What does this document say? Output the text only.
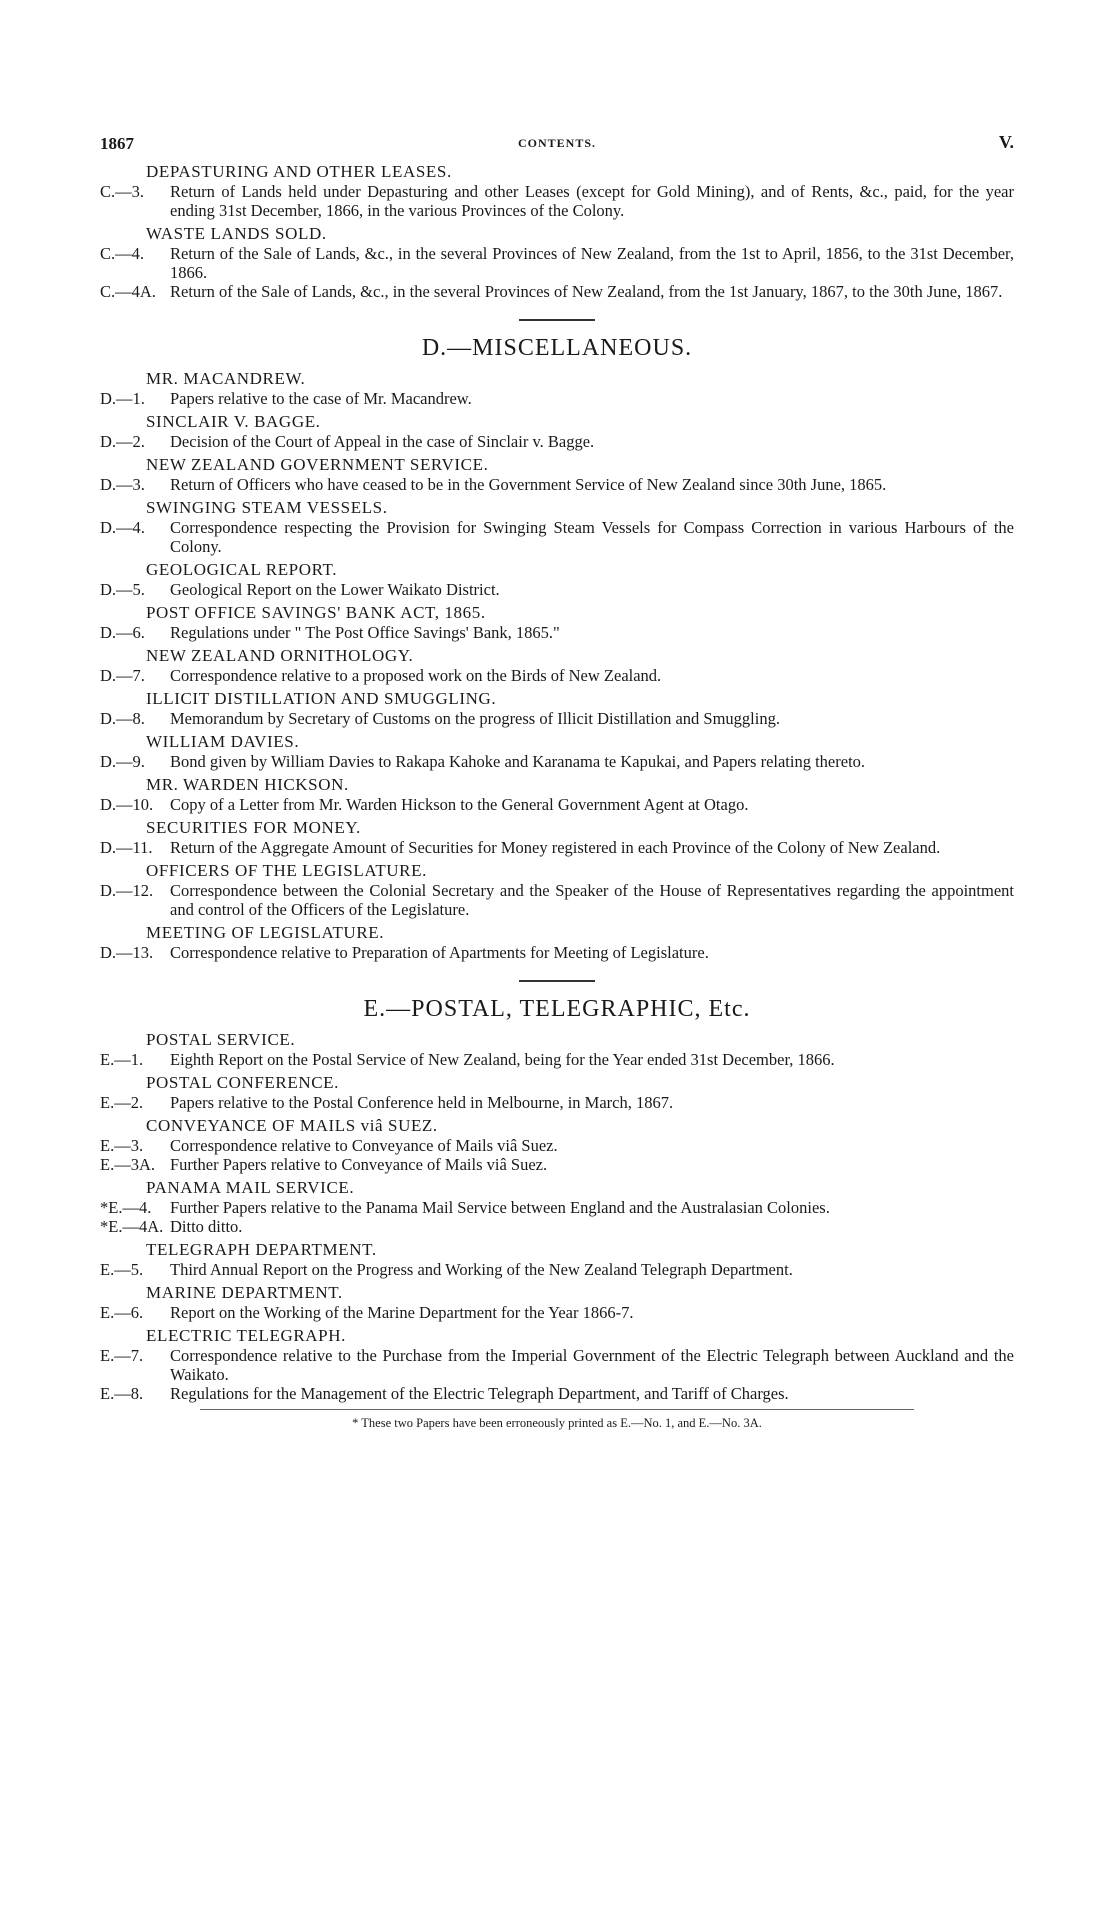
1867	CONTENTS.	V.
DEPASTURING AND OTHER LEASES.
C.—3. Return of Lands held under Depasturing and other Leases (except for Gold Mining), and of Rents, &c., paid, for the year ending 31st December, 1866, in the various Provinces of the Colony.
WASTE LANDS SOLD.
C.—4. Return of the Sale of Lands, &c., in the several Provinces of New Zealand, from the 1st to April, 1856, to the 31st December, 1866.
C.—4A. Return of the Sale of Lands, &c., in the several Provinces of New Zealand, from the 1st January, 1867, to the 30th June, 1867.
D.—MISCELLANEOUS.
MR. MACANDREW.
D.—1. Papers relative to the case of Mr. Macandrew.
SINCLAIR V. BAGGE.
D.—2. Decision of the Court of Appeal in the case of Sinclair v. Bagge.
NEW ZEALAND GOVERNMENT SERVICE.
D.—3. Return of Officers who have ceased to be in the Government Service of New Zealand since 30th June, 1865.
SWINGING STEAM VESSELS.
D.—4. Correspondence respecting the Provision for Swinging Steam Vessels for Compass Correction in various Harbours of the Colony.
GEOLOGICAL REPORT.
D.—5. Geological Report on the Lower Waikato District.
POST OFFICE SAVINGS' BANK ACT, 1865.
D.—6. Regulations under " The Post Office Savings' Bank, 1865."
NEW ZEALAND ORNITHOLOGY.
D.—7. Correspondence relative to a proposed work on the Birds of New Zealand.
ILLICIT DISTILLATION AND SMUGGLING.
D.—8. Memorandum by Secretary of Customs on the progress of Illicit Distillation and Smuggling.
WILLIAM DAVIES.
D.—9. Bond given by William Davies to Rakapa Kahoke and Karanama te Kapukai, and Papers relating thereto.
MR. WARDEN HICKSON.
D.—10. Copy of a Letter from Mr. Warden Hickson to the General Government Agent at Otago.
SECURITIES FOR MONEY.
D.—11. Return of the Aggregate Amount of Securities for Money registered in each Province of the Colony of New Zealand.
OFFICERS OF THE LEGISLATURE.
D.—12. Correspondence between the Colonial Secretary and the Speaker of the House of Representatives regarding the appointment and control of the Officers of the Legislature.
MEETING OF LEGISLATURE.
D.—13. Correspondence relative to Preparation of Apartments for Meeting of Legislature.
E.—POSTAL, TELEGRAPHIC, Etc.
POSTAL SERVICE.
E.—1. Eighth Report on the Postal Service of New Zealand, being for the Year ended 31st December, 1866.
POSTAL CONFERENCE.
E.—2. Papers relative to the Postal Conference held in Melbourne, in March, 1867.
CONVEYANCE OF MAILS viâ SUEZ.
E.—3. Correspondence relative to Conveyance of Mails viâ Suez.
E.—3A. Further Papers relative to Conveyance of Mails viâ Suez.
PANAMA MAIL SERVICE.
*E.—4. Further Papers relative to the Panama Mail Service between England and the Australasian Colonies.
*E.—4A. Ditto ditto.
TELEGRAPH DEPARTMENT.
E.—5. Third Annual Report on the Progress and Working of the New Zealand Telegraph Department.
MARINE DEPARTMENT.
E.—6. Report on the Working of the Marine Department for the Year 1866-7.
ELECTRIC TELEGRAPH.
E.—7. Correspondence relative to the Purchase from the Imperial Government of the Electric Telegraph between Auckland and the Waikato.
E.—8. Regulations for the Management of the Electric Telegraph Department, and Tariff of Charges.
* These two Papers have been erroneously printed as E.—No. 1, and E.—No. 3A.
